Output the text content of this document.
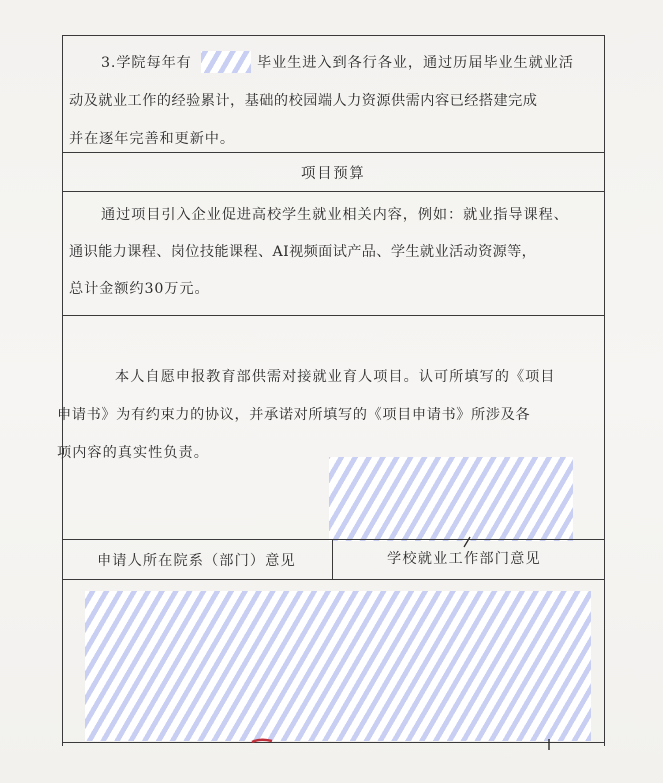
3.学院每年有	毕业生进入到各行各业，通过历届毕业生就业活
动及就业工作的经验累计，基础的校园端人力资源供需内容已经搭建完成
并在逐年完善和更新中。
项目预算
通过项目引入企业促进高校学生就业相关内容，例如：就业指导课程、
通识能力课程、岗位技能课程、AI视频面试产品、学生就业活动资源等，
总计金额约30万元。
本人自愿申报教育部供需对接就业育人项目。认可所填写的《项目
申请书》为有约束力的协议，并承诺对所填写的《项目申请书》所涉及各
项内容的真实性负责。
申请人所在院系（部门）意见	学校就业工作部门意见
